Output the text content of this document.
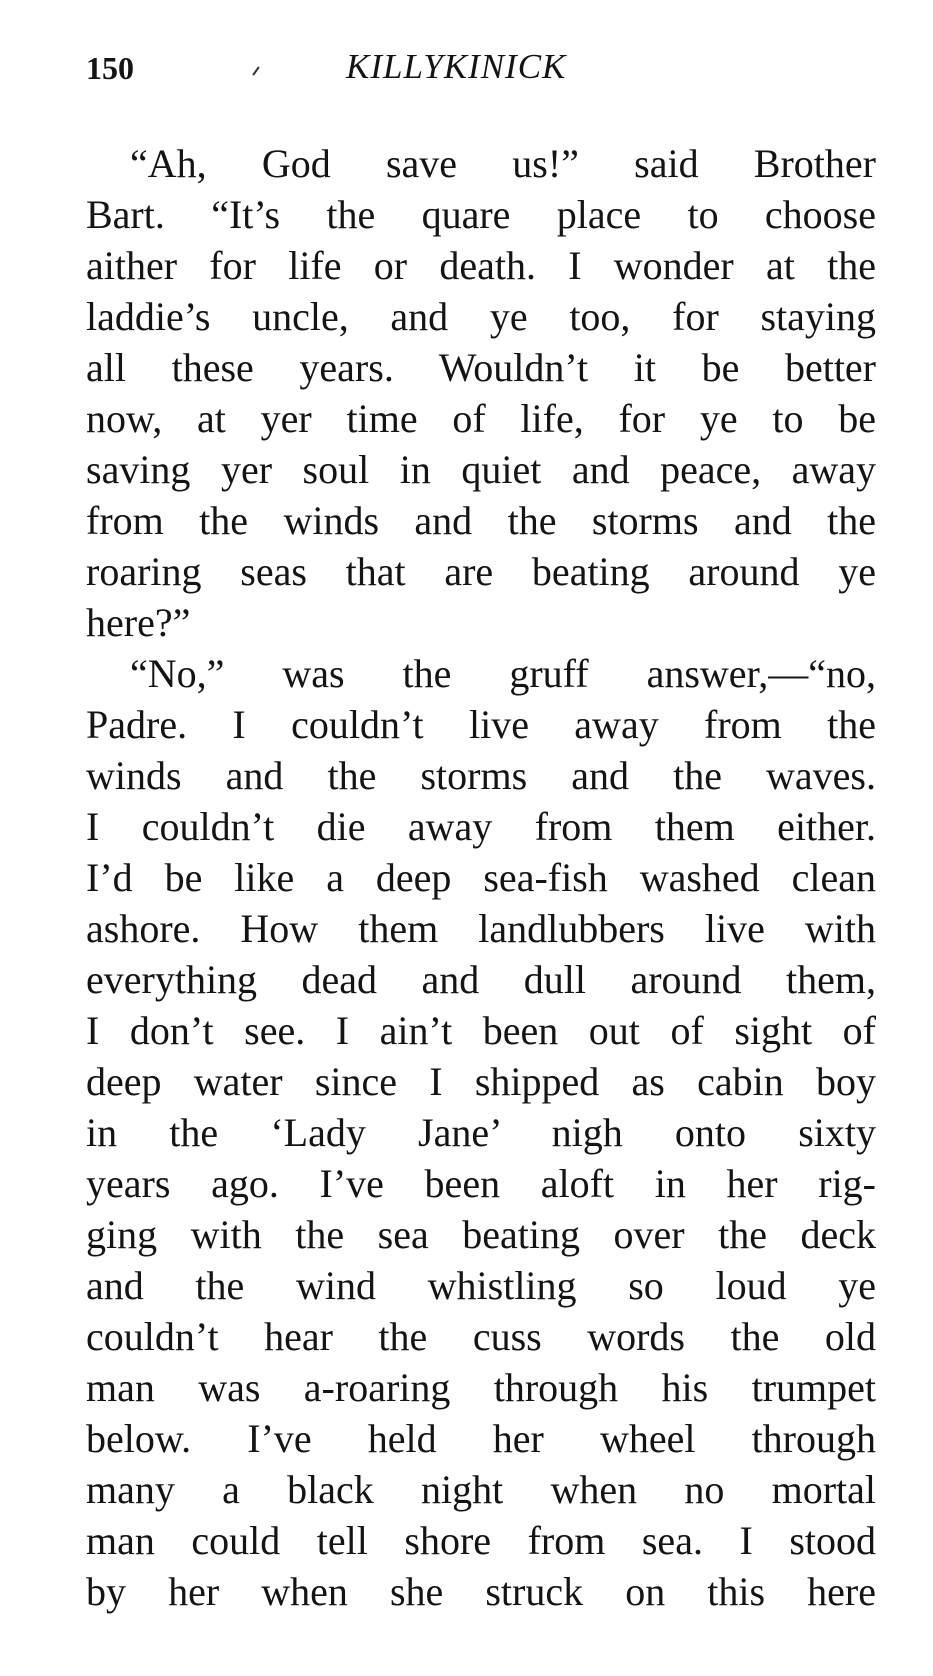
150	KILLYKINICK
“Ah, God save us!” said Brother
Bart. “It’s the quare place to choose
aither for life or death. I wonder at the
laddie’s uncle, and ye too, for staying
all these years. Wouldn’t it be better
now, at yer time of life, for ye to be
saving yer soul in quiet and peace, away
from the winds and the storms and the
roaring seas that are beating around ye
here?”
“No,” was the gruff answer,—“no,
Padre. I couldn’t live away from the
winds and the storms and the waves.
I couldn’t die away from them either.
I’d be like a deep sea-fish washed clean
ashore. How them landlubbers live with
everything dead and dull around them,
I don’t see. I ain’t been out of sight of
deep water since I shipped as cabin boy
in the ‘Lady Jane’ nigh onto sixty
years ago. I’ve been aloft in her rig-
ging with the sea beating over the deck
and the wind whistling so loud ye
couldn’t hear the cuss words the old
man was a-roaring through his trumpet
below. I’ve held her wheel through
many a black night when no mortal
man could tell shore from sea. I stood
by her when she struck on this here
